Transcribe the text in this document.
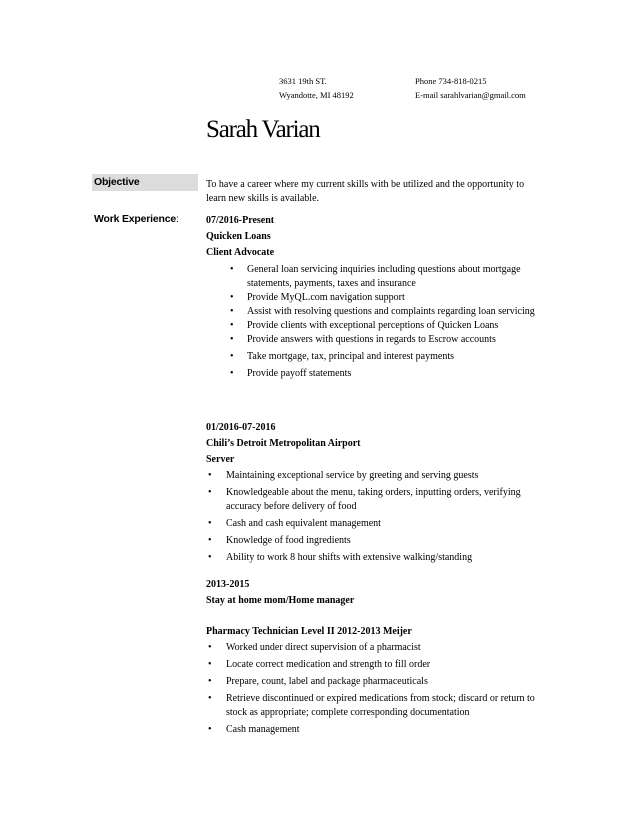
3631 19th ST.
Wyandotte, MI 48192
Phone 734-818-0215
E-mail sarahlvarian@gmail.com
Sarah Varian
Objective	To have a career where my current skills with be utilized and the opportunity to learn new skills is available.
Work Experience:	07/2016-Present
Quicken Loans
Client Advocate
• General loan servicing inquiries including questions about mortgage statements, payments, taxes and insurance
• Provide MyQL.com navigation support
• Assist with resolving questions and complaints regarding loan servicing
• Provide clients with exceptional perceptions of Quicken Loans
• Provide answers with questions in regards to Escrow accounts
• Take mortgage, tax, principal and interest payments
• Provide payoff statements
01/2016-07-2016
Chili’s Detroit Metropolitan Airport
Server
• Maintaining exceptional service by greeting and serving guests
• Knowledgeable about the menu, taking orders, inputting orders, verifying accuracy before delivery of food
• Cash and cash equivalent management
• Knowledge of food ingredients
• Ability to work 8 hour shifts with extensive walking/standing
2013-2015
Stay at home mom/Home manager
Pharmacy Technician Level II 2012-2013 Meijer
• Worked under direct supervision of a pharmacist
• Locate correct medication and strength to fill order
• Prepare, count, label and package pharmaceuticals
• Retrieve discontinued or expired medications from stock; discard or return to stock as appropriate; complete corresponding documentation
• Cash management
